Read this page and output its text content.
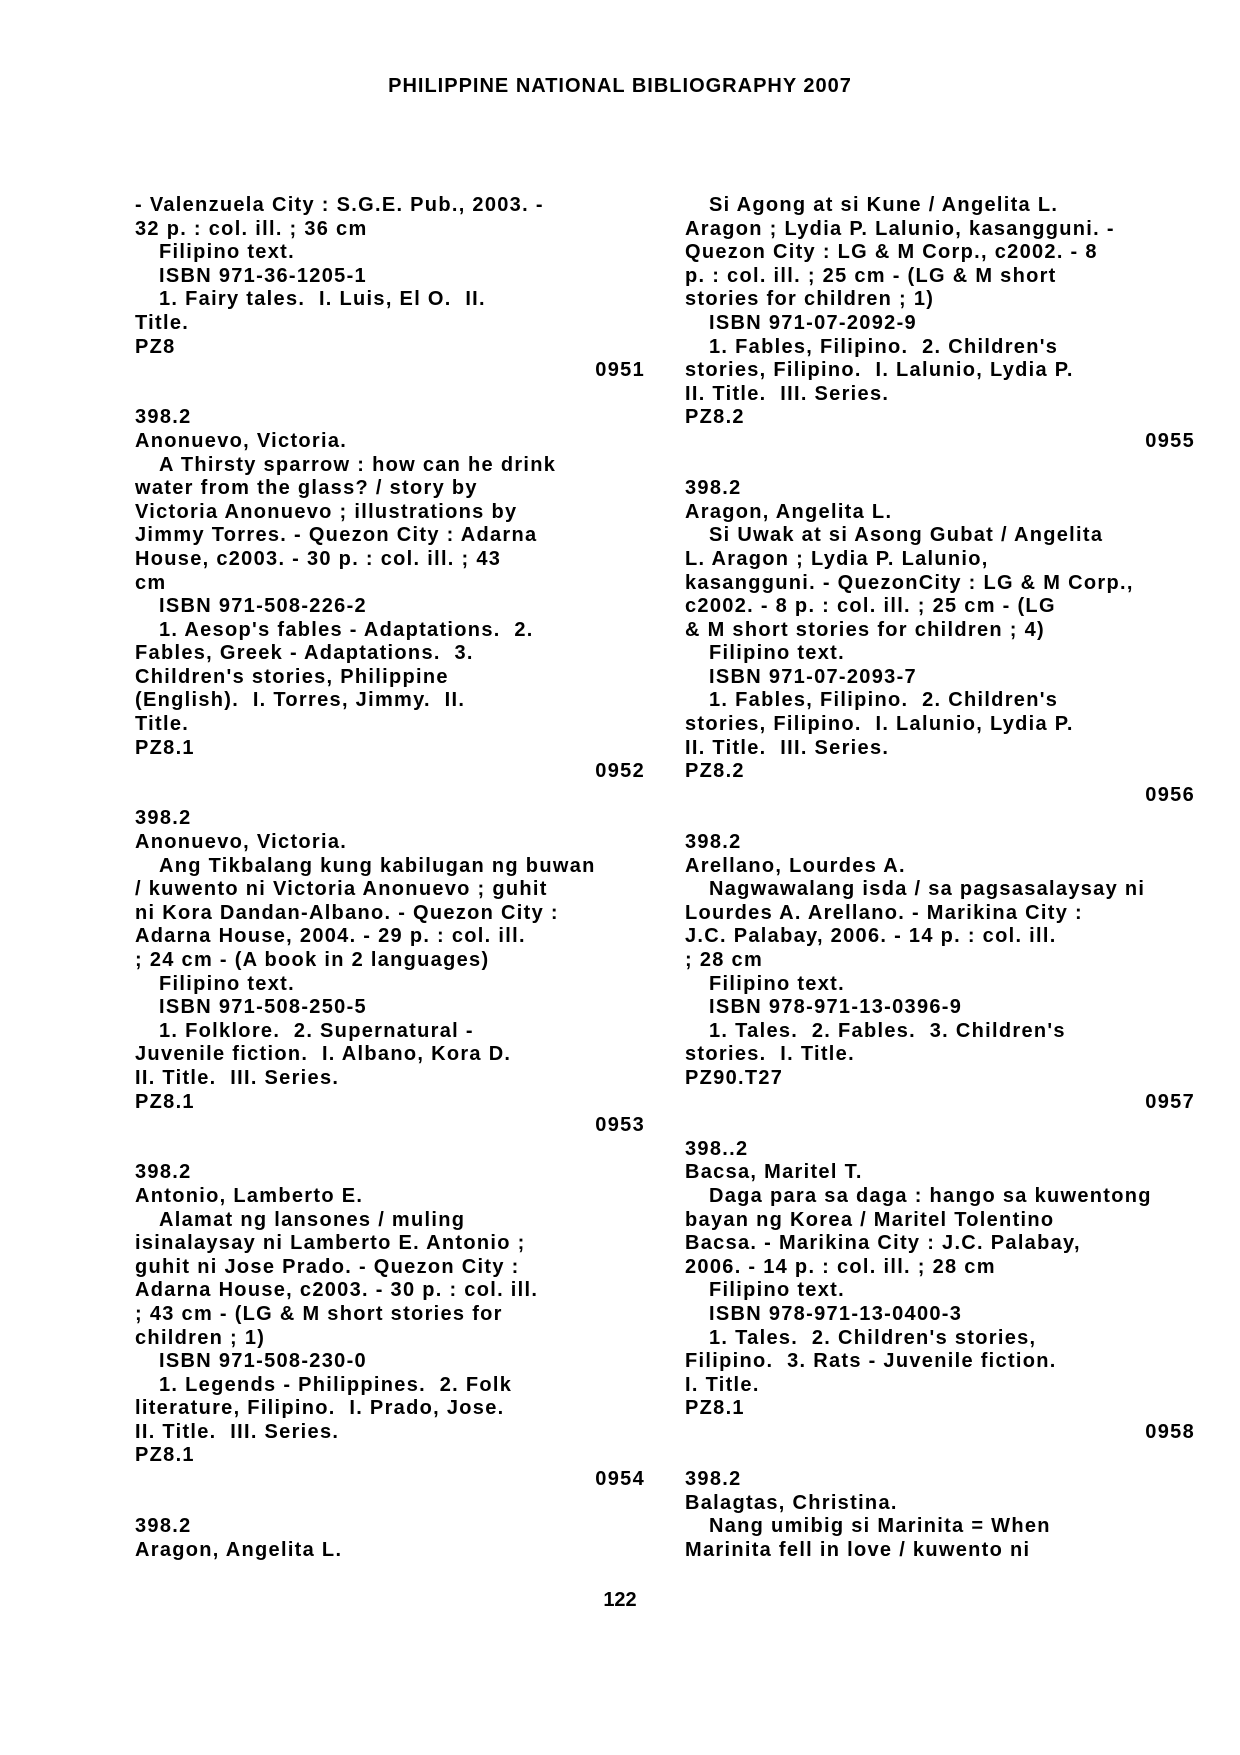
PHILIPPINE NATIONAL BIBLIOGRAPHY 2007
- Valenzuela City : S.G.E. Pub., 2003. -
32 p. : col. ill. ; 36 cm
Filipino text.
ISBN 971-36-1205-1
1. Fairy tales.  I. Luis, El O.  II.
Title.
PZ8
0951
398.2
Anonuevo, Victoria.
A Thirsty sparrow : how can he drink
water from the glass? / story by
Victoria Anonuevo ; illustrations by
Jimmy Torres. - Quezon City : Adarna
House, c2003. - 30 p. : col. ill. ; 43
cm
ISBN 971-508-226-2
1. Aesop's fables - Adaptations.  2.
Fables, Greek - Adaptations.  3.
Children's stories, Philippine
(English).  I. Torres, Jimmy.  II.
Title.
PZ8.1
0952
398.2
Anonuevo, Victoria.
Ang Tikbalang kung kabilugan ng buwan
/ kuwento ni Victoria Anonuevo ; guhit
ni Kora Dandan-Albano. - Quezon City :
Adarna House, 2004. - 29 p. : col. ill.
; 24 cm - (A book in 2 languages)
Filipino text.
ISBN 971-508-250-5
1. Folklore.  2. Supernatural -
Juvenile fiction.  I. Albano, Kora D.
II. Title.  III. Series.
PZ8.1
0953
398.2
Antonio, Lamberto E.
Alamat ng lansones / muling
isinalaysay ni Lamberto E. Antonio ;
guhit ni Jose Prado. - Quezon City :
Adarna House, c2003. - 30 p. : col. ill.
; 43 cm - (LG & M short stories for
children ; 1)
ISBN 971-508-230-0
1. Legends - Philippines.  2. Folk
literature, Filipino.  I. Prado, Jose.
II. Title.  III. Series.
PZ8.1
0954
398.2
Aragon, Angelita L.
Si Agong at si Kune / Angelita L.
Aragon ; Lydia P. Lalunio, kasangguni. -
Quezon City : LG & M Corp., c2002. - 8
p. : col. ill. ; 25 cm - (LG & M short
stories for children ; 1)
ISBN 971-07-2092-9
1. Fables, Filipino.  2. Children's
stories, Filipino.  I. Lalunio, Lydia P.
II. Title.  III. Series.
PZ8.2
0955
398.2
Aragon, Angelita L.
Si Uwak at si Asong Gubat / Angelita
L. Aragon ; Lydia P. Lalunio,
kasangguni. - QuezonCity : LG & M Corp.,
c2002. - 8 p. : col. ill. ; 25 cm - (LG
& M short stories for children ; 4)
Filipino text.
ISBN 971-07-2093-7
1. Fables, Filipino.  2. Children's
stories, Filipino.  I. Lalunio, Lydia P.
II. Title.  III. Series.
PZ8.2
0956
398.2
Arellano, Lourdes A.
Nagwawalang isda / sa pagsasalaysay ni
Lourdes A. Arellano. - Marikina City :
J.C. Palabay, 2006. - 14 p. : col. ill.
; 28 cm
Filipino text.
ISBN 978-971-13-0396-9
1. Tales.  2. Fables.  3. Children's
stories.  I. Title.
PZ90.T27
0957
398..2
Bacsa, Maritel T.
Daga para sa daga : hango sa kuwentong
bayan ng Korea / Maritel Tolentino
Bacsa. - Marikina City : J.C. Palabay,
2006. - 14 p. : col. ill. ; 28 cm
Filipino text.
ISBN 978-971-13-0400-3
1. Tales.  2. Children's stories,
Filipino.  3. Rats - Juvenile fiction.
I. Title.
PZ8.1
0958
398.2
Balagtas, Christina.
Nang umibig si Marinita = When
Marinita fell in love / kuwento ni
122
